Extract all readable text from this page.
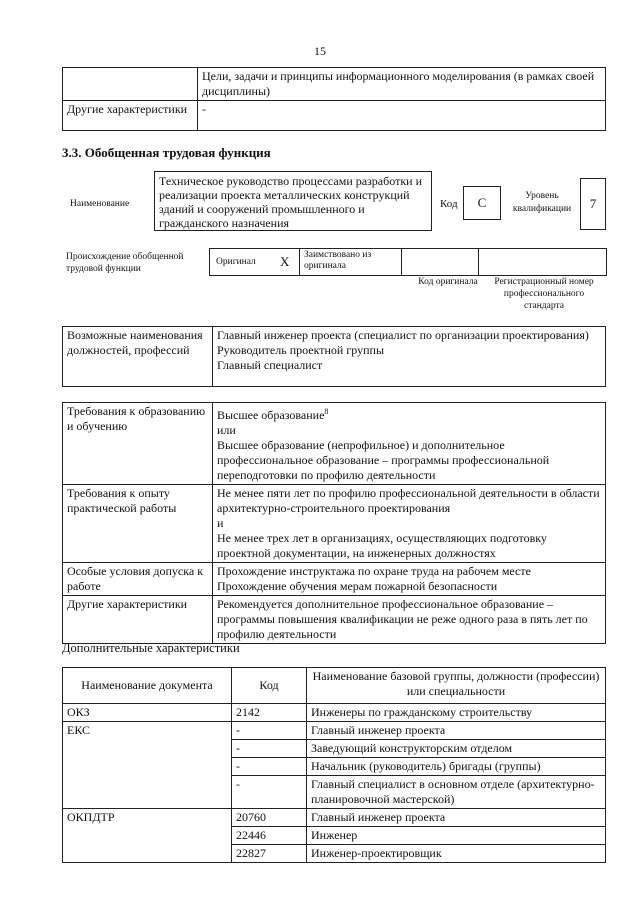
15
	Цели, задачи и принципы информационного моделирования (в рамках своей дисциплины)
Другие характеристики	-
3.3. Обобщенная трудовая функция
Наименование
Техническое руководство процессами разработки и реализации проекта металлических конструкций зданий и сооружений промышленного и гражданского назначения
Код	С	Уровень квалификации	7
Происхождение обобщенной трудовой функции
Оригинал X Заимствовано из оригинала
Код оригинала	Регистрационный номер профессионального стандарта
Возможные наименования должностей, профессий	Главный инженер проекта (специалист по организации проектирования)
Руководитель проектной группы
Главный специалист
Требования к образованию и обучению	Высшее образование$^8$
или
Высшее образование (непрофильное) и дополнительное профессиональное образование – программы профессиональной переподготовки по профилю деятельности
Требования к опыту практической работы	Не менее пяти лет по профилю профессиональной деятельности в области архитектурно-строительного проектирования
и
Не менее трех лет в организациях, осуществляющих подготовку проектной документации, на инженерных должностях
Особые условия допуска к работе	Прохождение инструктажа по охране труда на рабочем месте
Прохождение обучения мерам пожарной безопасности
Другие характеристики	Рекомендуется дополнительное профессиональное образование – программы повышения квалификации не реже одного раза в пять лет по профилю деятельности
Дополнительные характеристики
Наименование документа	Код	Наименование базовой группы, должности (профессии) или специальности
ОКЗ	2142	Инженеры по гражданскому строительству
ЕКС	-	Главный инженер проекта
	-	Заведующий конструкторским отделом
	-	Начальник (руководитель) бригады (группы)
	-	Главный специалист в основном отделе (архитектурно-планировочной мастерской)
ОКПДТР	20760	Главный инженер проекта
	22446	Инженер
	22827	Инженер-проектировщик
